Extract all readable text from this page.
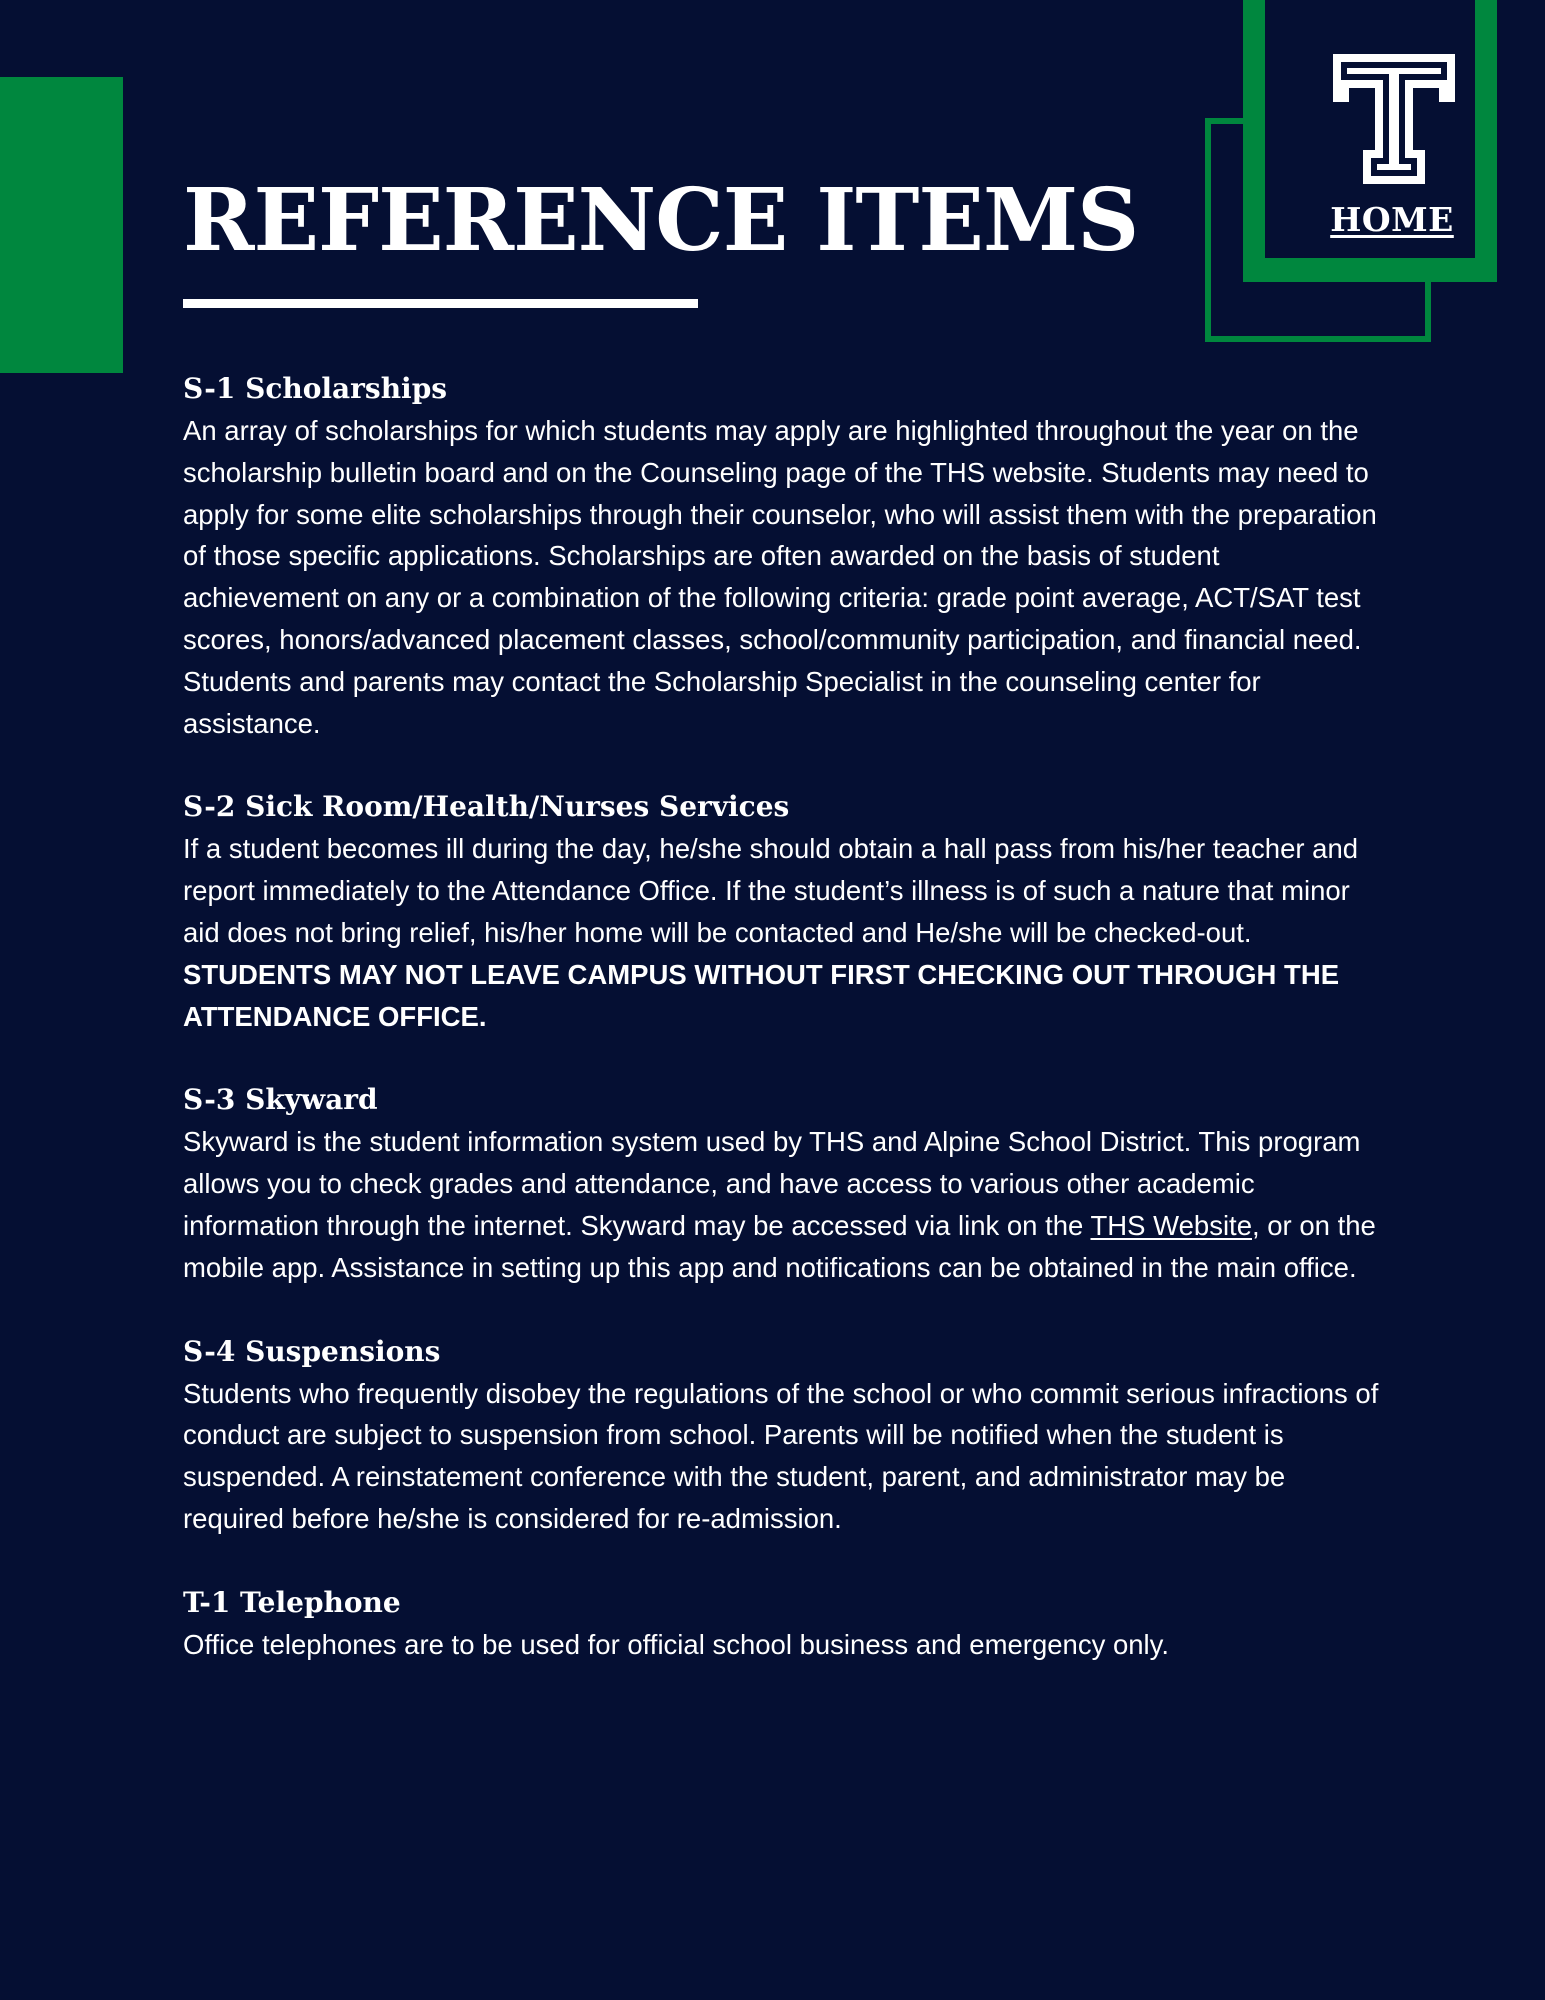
HOME
REFERENCE ITEMS
S-1 Scholarships

An array of scholarships for which students may apply are highlighted throughout the year on the scholarship bulletin board and on the Counseling page of the THS website. Students may need to apply for some elite scholarships through their counselor, who will assist them with the preparation of those specific applications. Scholarships are often awarded on the basis of student achievement on any or a combination of the following criteria: grade point average, ACT/SAT test scores, honors/advanced placement classes, school/community participation, and financial need. Students and parents may contact the Scholarship Specialist in the counseling center for assistance.

S-2 Sick Room/Health/Nurses Services

If a student becomes ill during the day, he/she should obtain a hall pass from his/her teacher and report immediately to the Attendance Office. If the student’s illness is of such a nature that minor aid does not bring relief, his/her home will be contacted and He/she will be checked-out. STUDENTS MAY NOT LEAVE CAMPUS WITHOUT FIRST CHECKING OUT THROUGH THE ATTENDANCE OFFICE.

S-3 Skyward

Skyward is the student information system used by THS and Alpine School District. This program allows you to check grades and attendance, and have access to various other academic information through the internet. Skyward may be accessed via link on the THS Website, or on the mobile app. Assistance in setting up this app and notifications can be obtained in the main office.

S-4 Suspensions

Students who frequently disobey the regulations of the school or who commit serious infractions of conduct are subject to suspension from school. Parents will be notified when the student is suspended. A reinstatement conference with the student, parent, and administrator may be required before he/she is considered for re-admission.

T-1 Telephone

Office telephones are to be used for official school business and emergency only.
